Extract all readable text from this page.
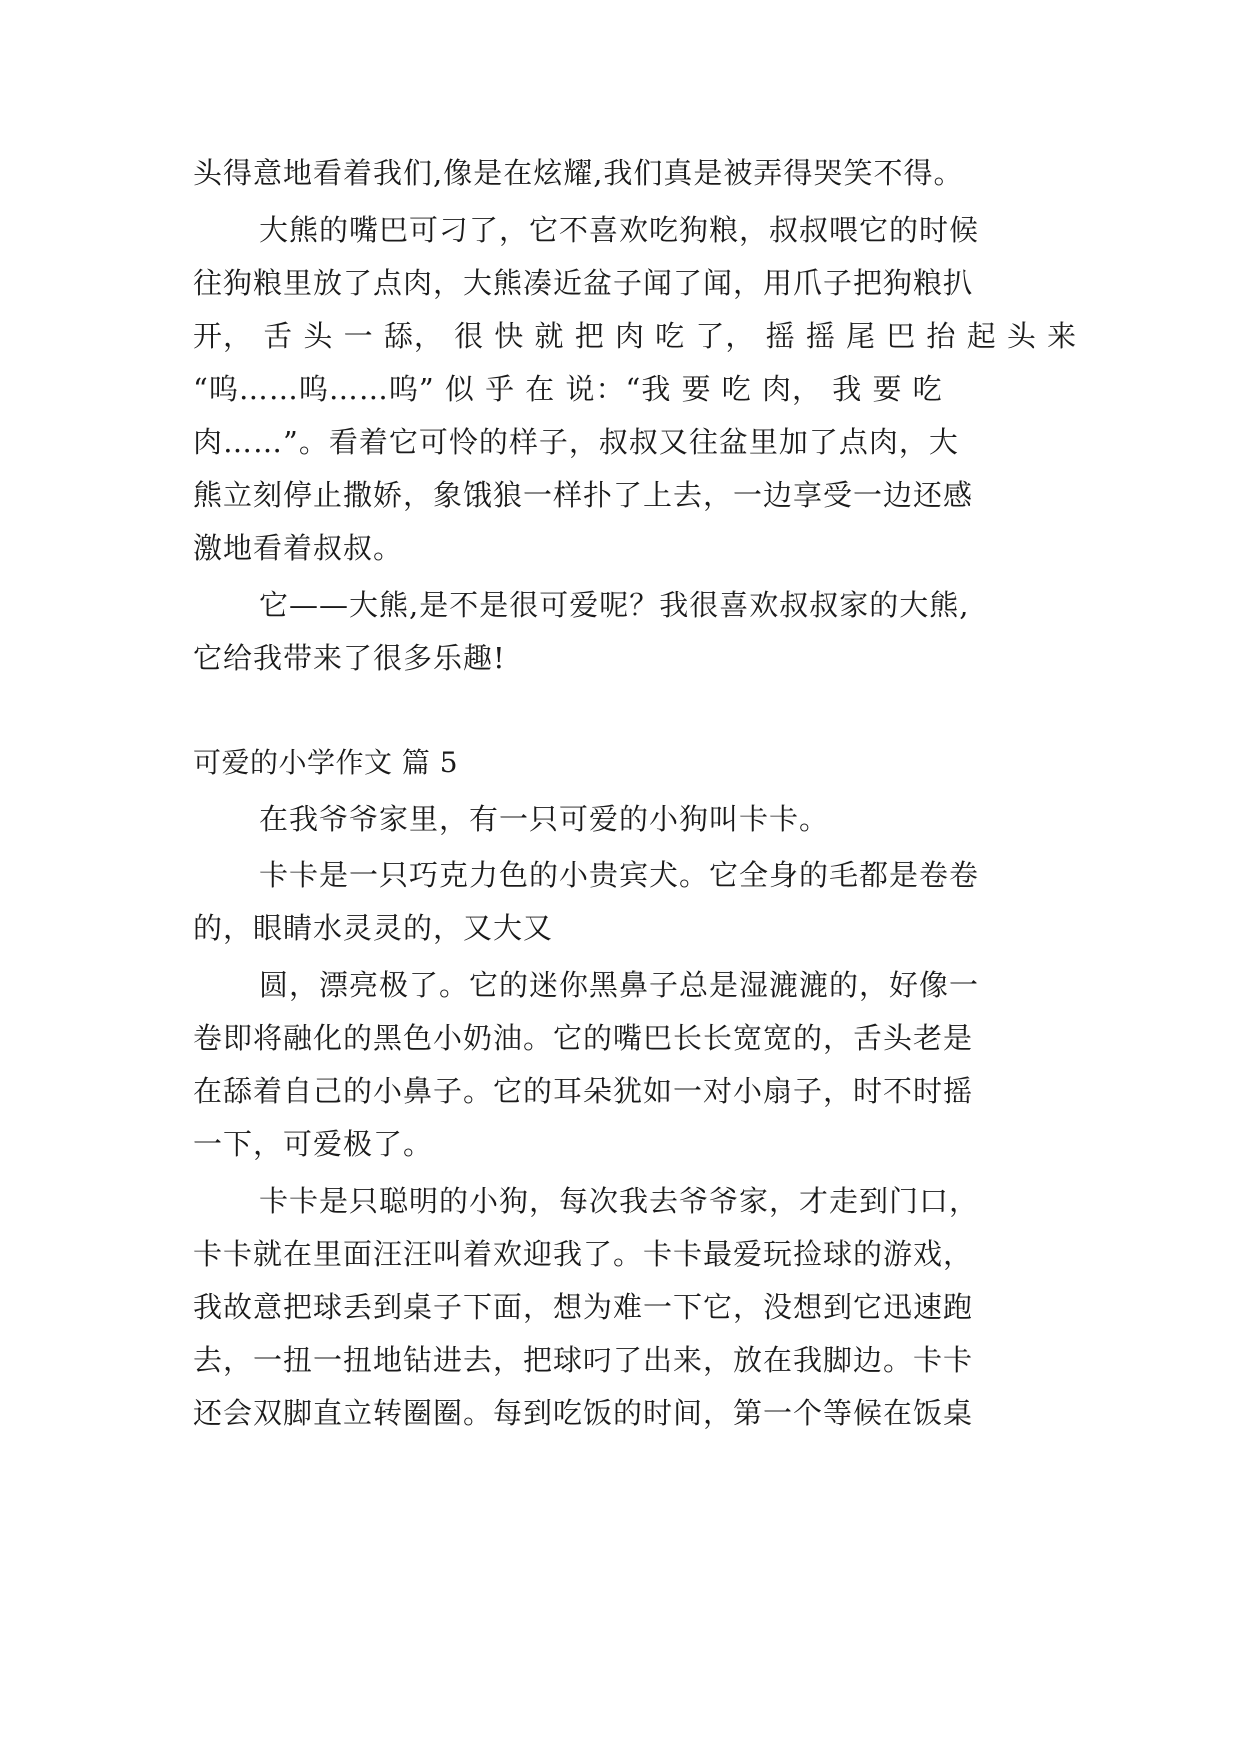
头得意地看着我们,像是在炫耀,我们真是被弄得哭笑不得。
大熊的嘴巴可刁了，它不喜欢吃狗粮，叔叔喂它的时候
往狗粮里放了点肉，大熊凑近盆子闻了闻，用爪子把狗粮扒
开， 舌 头 一 舔， 很 快 就 把 肉 吃 了， 摇 摇 尾 巴 抬 起 头 来
“呜……呜……呜” 似 乎 在 说：“我 要 吃 肉， 我 要 吃
肉……”。看着它可怜的样子，叔叔又往盆里加了点肉，大
熊立刻停止撒娇，象饿狼一样扑了上去，一边享受一边还感
激地看着叔叔。
它——大熊,是不是很可爱呢？我很喜欢叔叔家的大熊,
它给我带来了很多乐趣!
可爱的小学作文 篇 5
在我爷爷家里，有一只可爱的小狗叫卡卡。
卡卡是一只巧克力色的小贵宾犬。它全身的毛都是卷卷
的，眼睛水灵灵的，又大又
圆，漂亮极了。它的迷你黑鼻子总是湿漉漉的，好像一
卷即将融化的黑色小奶油。它的嘴巴长长宽宽的，舌头老是
在舔着自己的小鼻子。它的耳朵犹如一对小扇子，时不时摇
一下，可爱极了。
卡卡是只聪明的小狗，每次我去爷爷家，才走到门口，
卡卡就在里面汪汪叫着欢迎我了。卡卡最爱玩捡球的游戏，
我故意把球丢到桌子下面，想为难一下它，没想到它迅速跑
去，一扭一扭地钻进去，把球叼了出来，放在我脚边。卡卡
还会双脚直立转圈圈。每到吃饭的时间，第一个等候在饭桌
